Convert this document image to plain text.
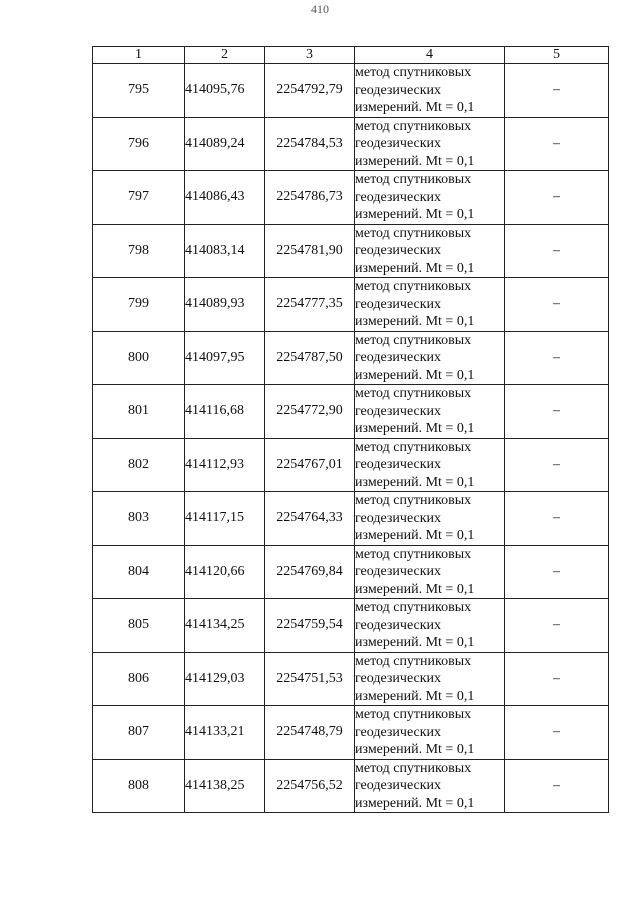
410
1	2	3	4	5
795	414095,76	2254792,79	метод спутниковых
геодезических
измерений. Mt = 0,1	–
796	414089,24	2254784,53	метод спутниковых
геодезических
измерений. Mt = 0,1	–
797	414086,43	2254786,73	метод спутниковых
геодезических
измерений. Mt = 0,1	–
798	414083,14	2254781,90	метод спутниковых
геодезических
измерений. Mt = 0,1	–
799	414089,93	2254777,35	метод спутниковых
геодезических
измерений. Mt = 0,1	–
800	414097,95	2254787,50	метод спутниковых
геодезических
измерений. Mt = 0,1	–
801	414116,68	2254772,90	метод спутниковых
геодезических
измерений. Mt = 0,1	–
802	414112,93	2254767,01	метод спутниковых
геодезических
измерений. Mt = 0,1	–
803	414117,15	2254764,33	метод спутниковых
геодезических
измерений. Mt = 0,1	–
804	414120,66	2254769,84	метод спутниковых
геодезических
измерений. Mt = 0,1	–
805	414134,25	2254759,54	метод спутниковых
геодезических
измерений. Mt = 0,1	–
806	414129,03	2254751,53	метод спутниковых
геодезических
измерений. Mt = 0,1	–
807	414133,21	2254748,79	метод спутниковых
геодезических
измерений. Mt = 0,1	–
808	414138,25	2254756,52	метод спутниковых
геодезических
измерений. Mt = 0,1	–
